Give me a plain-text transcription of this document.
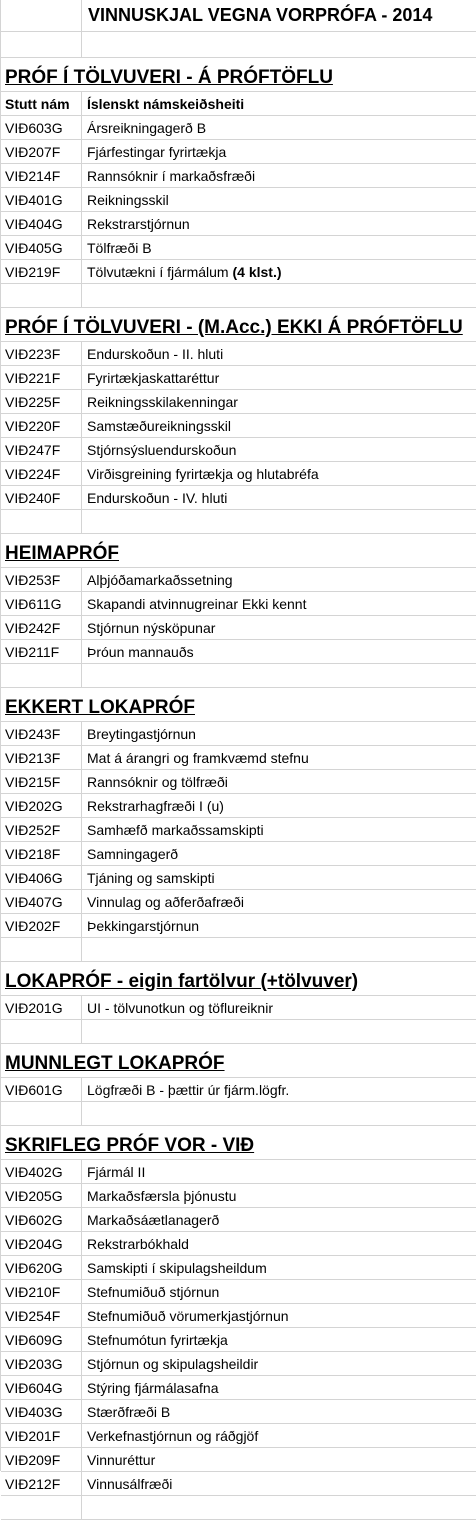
VINNUSKJAL VEGNA VORPRÓFA - 2014
PRÓF Í TÖLVUVERI - Á PRÓFTÖFLU
Stutt nám	Íslenskt námskeiðsheiti
VIÐ603G	Ársreikningagerð B
VIÐ207F	Fjárfestingar fyrirtækja
VIÐ214F	Rannsóknir í markaðsfræði
VIÐ401G	Reikningsskil
VIÐ404G	Rekstrarstjórnun
VIÐ405G	Tölfræði B
VIÐ219F	Tölvutækni í fjármálum
(4 klst.)
PRÓF Í TÖLVUVERI - (M.Acc.) EKKI Á PRÓFTÖFLU
VIÐ223F	Endurskoðun - II. hluti
VIÐ221F	Fyrirtækjaskattaréttur
VIÐ225F	Reikningsskilakenningar
VIÐ220F	Samstæðureikningsskil
VIÐ247F	Stjórnsýsluendurskoðun
VIÐ224F	Virðisgreining fyrirtækja og hlutabréfa
VIÐ240F	Endurskoðun - IV. hluti
HEIMAPRÓF
VIÐ253F	Alþjóðamarkaðssetning
VIÐ611G	Skapandi atvinnugreinar Ekki kennt
VIÐ242F	Stjórnun nýsköpunar
VIÐ211F	Þróun mannauðs
EKKERT LOKAPRÓF
VIÐ243F	Breytingastjórnun
VIÐ213F	Mat á árangri og framkvæmd stefnu
VIÐ215F	Rannsóknir og tölfræði
VIÐ202G	Rekstrarhagfræði I (u)
VIÐ252F	Samhæfð markaðssamskipti
VIÐ218F	Samningagerð
VIÐ406G	Tjáning og samskipti
VIÐ407G	Vinnulag og aðferðafræði
VIÐ202F	Þekkingarstjórnun
LOKAPRÓF - eigin fartölvur (+tölvuver)
VIÐ201G	UI - tölvunotkun og töflureiknir
MUNNLEGT LOKAPRÓF
VIÐ601G	Lögfræði B - þættir úr fjárm.lögfr.
SKRIFLEG PRÓF VOR - VIÐ
VIÐ402G	Fjármál II
VIÐ205G	Markaðsfærsla þjónustu
VIÐ602G	Markaðsáætlanagerð
VIÐ204G	Rekstrarbókhald
VIÐ620G	Samskipti í skipulagsheildum
VIÐ210F	Stefnumiðuð stjórnun
VIÐ254F	Stefnumiðuð vörumerkjastjórnun
VIÐ609G	Stefnumótun fyrirtækja
VIÐ203G	Stjórnun og skipulagsheildir
VIÐ604G	Stýring fjármálasafna
VIÐ403G	Stærðfræði B
VIÐ201F	Verkefnastjórnun og ráðgjöf
VIÐ209F	Vinnuréttur
VIÐ212F	Vinnusálfræði
